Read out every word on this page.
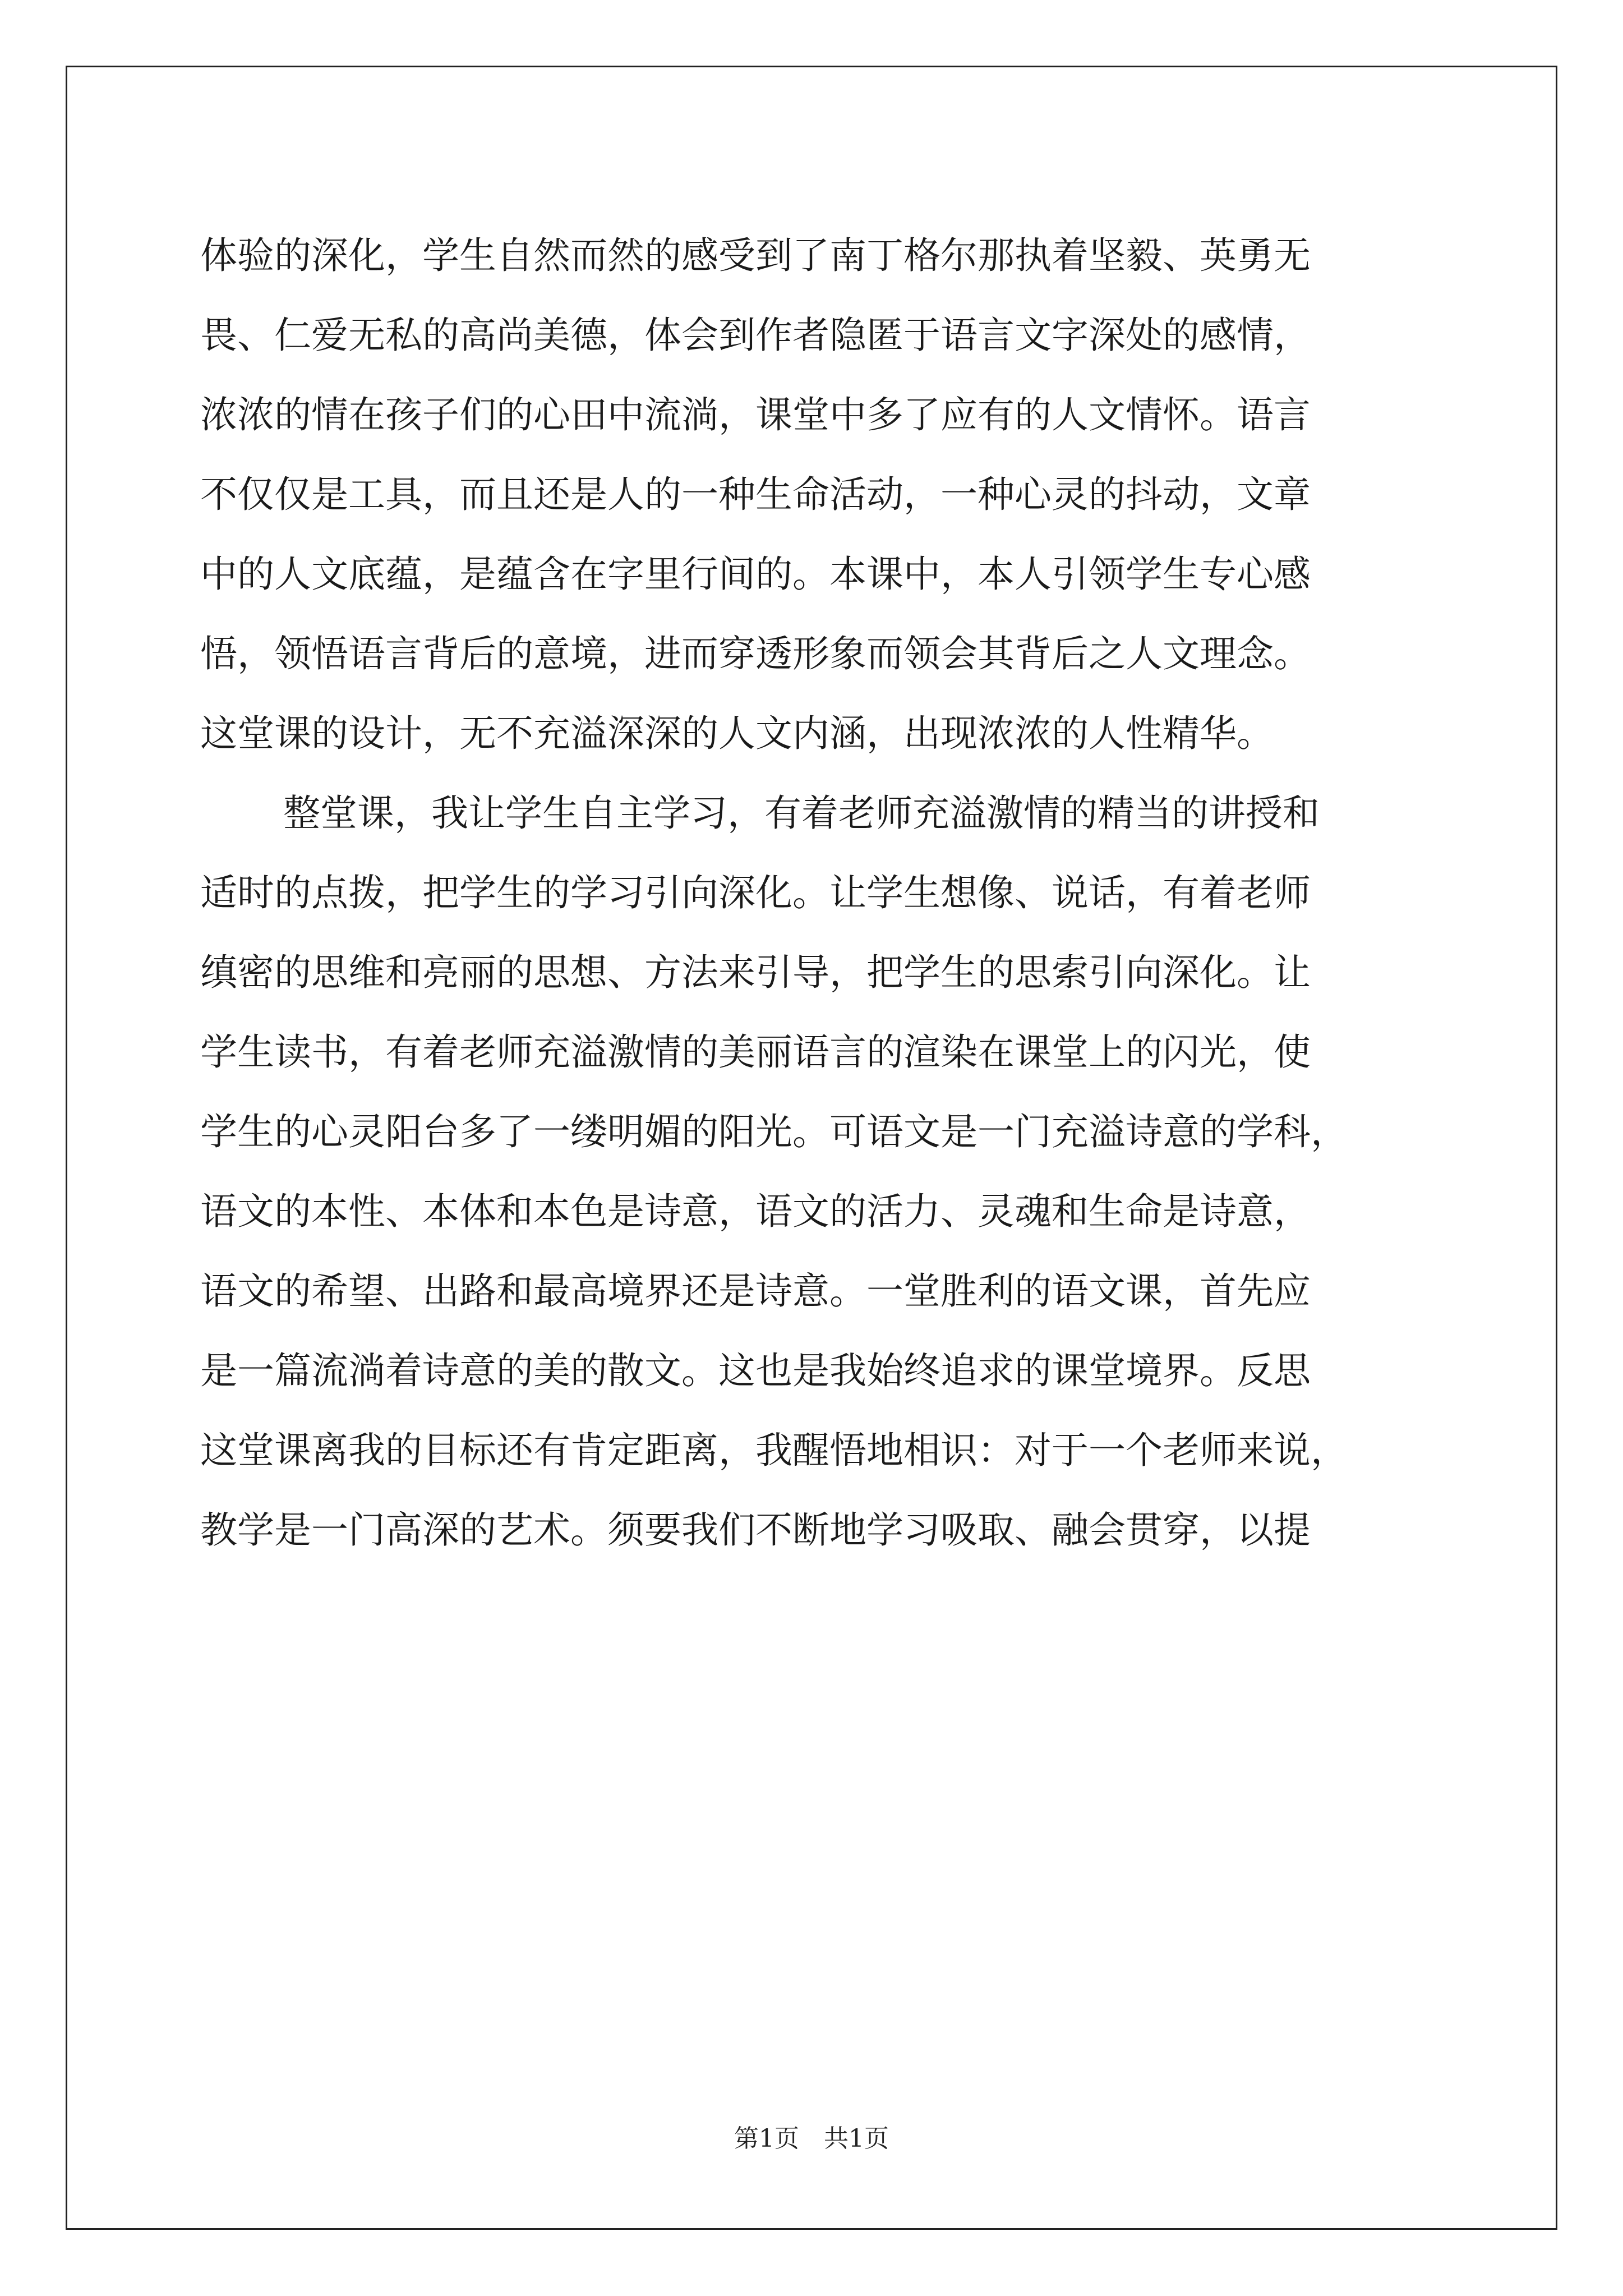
体验的深化，学生自然而然的感受到了南丁格尔那执着坚毅、英勇无
畏、仁爱无私的高尚美德，体会到作者隐匿于语言文字深处的感情，
浓浓的情在孩子们的心田中流淌，课堂中多了应有的人文情怀。语言
不仅仅是工具，而且还是人的一种生命活动，一种心灵的抖动，文章
中的人文底蕴，是蕴含在字里行间的。本课中，本人引领学生专心感
悟，领悟语言背后的意境，进而穿透形象而领会其背后之人文理念。
这堂课的设计，无不充溢深深的人文内涵，出现浓浓的人性精华。
整堂课，我让学生自主学习，有着老师充溢激情的精当的讲授和
适时的点拨，把学生的学习引向深化。让学生想像、说话，有着老师
缜密的思维和亮丽的思想、方法来引导，把学生的思索引向深化。让
学生读书，有着老师充溢激情的美丽语言的渲染在课堂上的闪光，使
学生的心灵阳台多了一缕明媚的阳光。可语文是一门充溢诗意的学科，
语文的本性、本体和本色是诗意，语文的活力、灵魂和生命是诗意，
语文的希望、出路和最高境界还是诗意。一堂胜利的语文课，首先应
是一篇流淌着诗意的美的散文。这也是我始终追求的课堂境界。反思
这堂课离我的目标还有肯定距离，我醒悟地相识：对于一个老师来说，
教学是一门高深的艺术。须要我们不断地学习吸取、融会贯穿，以提
第1页　共1页
